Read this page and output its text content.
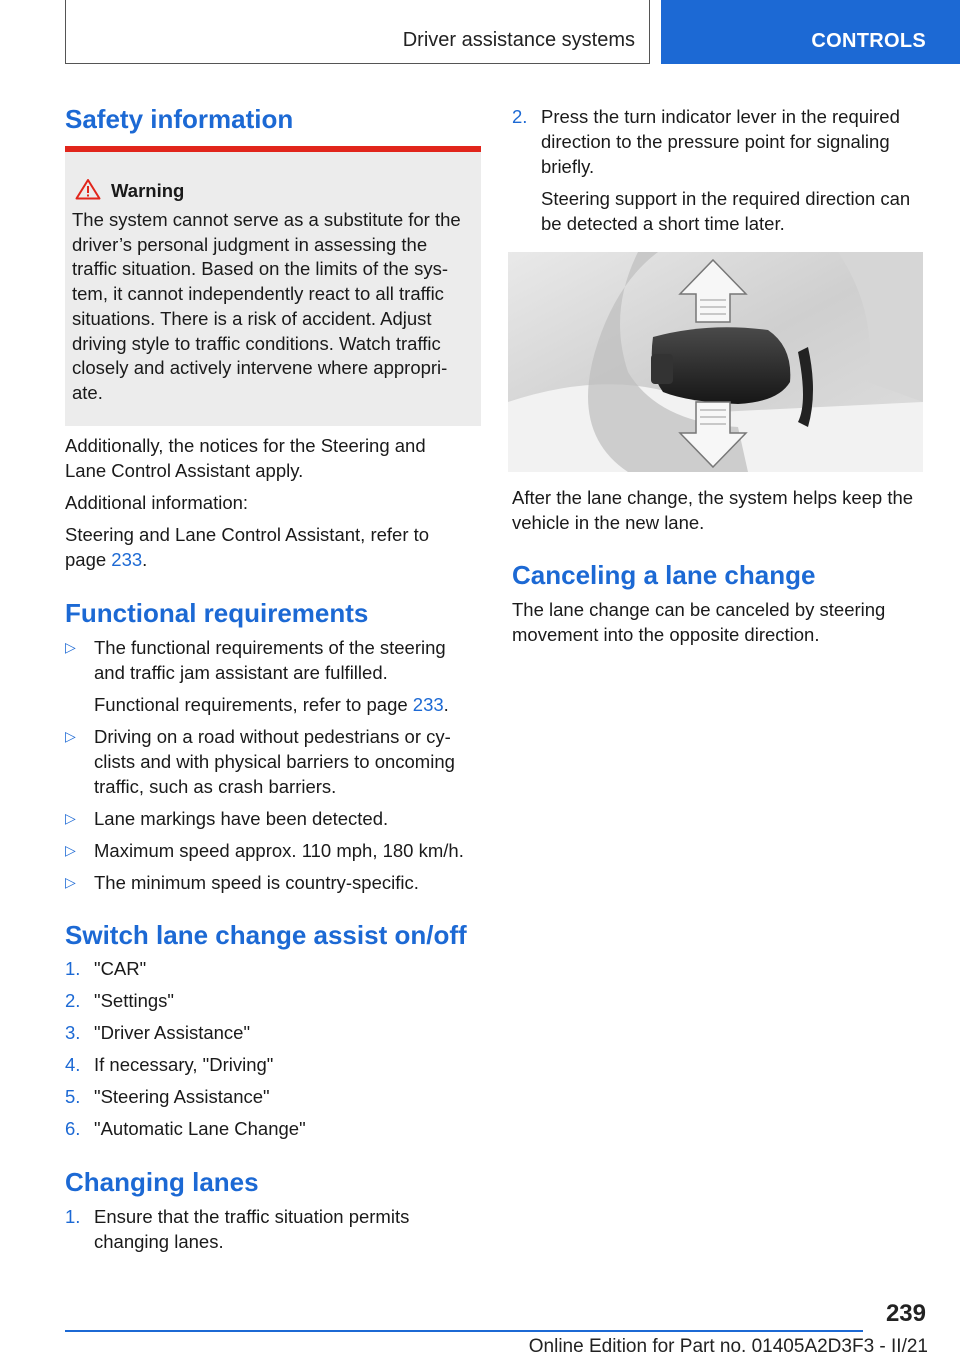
Driver assistance systems	CONTROLS
Safety information

Additionally, the notices for the Steering and

Lane Control Assistant apply.

Additional information:

Steering and Lane Control Assistant, refer to

page 233.

Functional requirements
▷ The functional requirements of the steering

and traffic jam assistant are fulfilled.

Functional requirements, refer to page 233.

▷ Driving on a road without pedestrians or cy-

clists and with physical barriers to oncoming

traffic, such as crash barriers.

▷ Lane markings have been detected.

▷ Maximum speed approx. 110 mph, 180 km/h.

▷ The minimum speed is country-specific.

Switch lane change assist on/off
1. "CAR"

2. "Settings"

3. "Driver Assistance"

4. If necessary, "Driving"

5. "Steering Assistance"

6. "Automatic Lane Change"

Changing lanes
1. Ensure that the traffic situation permits

changing lanes.

Warning
The system cannot serve as a substitute for the
driver’s personal judgment in assessing the
traffic situation. Based on the limits of the sys-
tem, it cannot independently react to all traffic
situations. There is a risk of accident. Adjust
driving style to traffic conditions. Watch traffic
closely and actively intervene where appropri-
ate.
2. Press the turn indicator lever in the required

direction to the pressure point for signaling

briefly.

Steering support in the required direction can

be detected a short time later.

After the lane change, the system helps keep the

vehicle in the new lane.

Canceling a lane change

The lane change can be canceled by steering

movement into the opposite direction.

239
Online Edition for Part no. 01405A2D3F3 - II/21
